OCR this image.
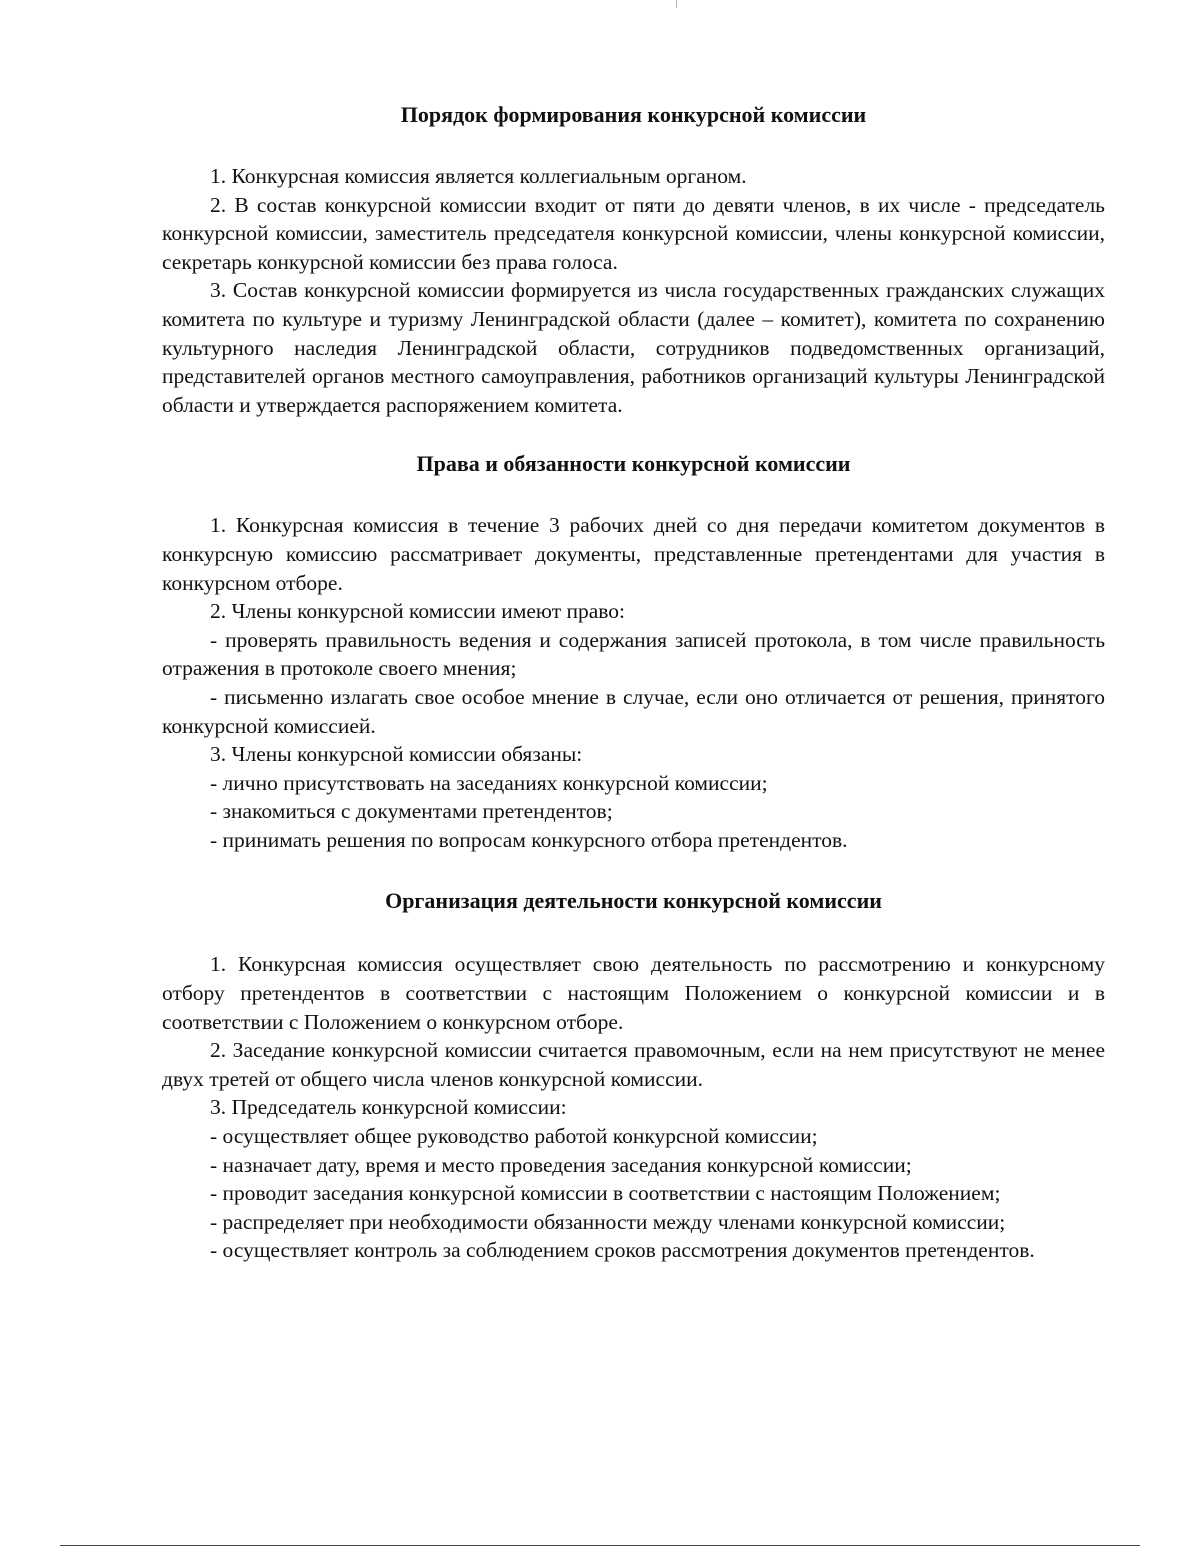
Порядок формирования конкурсной комиссии

1. Конкурсная комиссия является коллегиальным органом.

2. В состав конкурсной комиссии входит от пяти до девяти членов, в их числе - председатель конкурсной комиссии, заместитель председателя конкурсной комиссии, члены конкурсной комиссии, секретарь конкурсной комиссии без права голоса.

3. Состав конкурсной комиссии формируется из числа государственных гражданских служащих комитета по культуре и туризму Ленинградской области (далее – комитет), комитета по сохранению культурного наследия Ленинградской области, сотрудников подведомственных организаций, представителей органов местного самоуправления, работников организаций культуры Ленинградской области и утверждается распоряжением комитета.

Права и обязанности конкурсной комиссии

1. Конкурсная комиссия в течение 3 рабочих дней со дня передачи комитетом документов в конкурсную комиссию рассматривает документы, представленные претендентами для участия в конкурсном отборе.

2. Члены конкурсной комиссии имеют право:

- проверять правильность ведения и содержания записей протокола, в том числе правильность отражения в протоколе своего мнения;

- письменно излагать свое особое мнение в случае, если оно отличается от решения, принятого конкурсной комиссией.

3. Члены конкурсной комиссии обязаны:

- лично присутствовать на заседаниях конкурсной комиссии;

- знакомиться с документами претендентов;

- принимать решения по вопросам конкурсного отбора претендентов.

Организация деятельности конкурсной комиссии

1. Конкурсная комиссия осуществляет свою деятельность по рассмотрению и конкурсному отбору претендентов в соответствии с настоящим Положением о конкурсной комиссии и в соответствии с Положением о конкурсном отборе.

2. Заседание конкурсной комиссии считается правомочным, если на нем присутствуют не менее двух третей от общего числа членов конкурсной комиссии.

3. Председатель конкурсной комиссии:

- осуществляет общее руководство работой конкурсной комиссии;

- назначает дату, время и место проведения заседания конкурсной комиссии;

- проводит заседания конкурсной комиссии в соответствии с настоящим Положением;

- распределяет при необходимости обязанности между членами конкурсной комиссии;

- осуществляет контроль за соблюдением сроков рассмотрения документов претендентов.
